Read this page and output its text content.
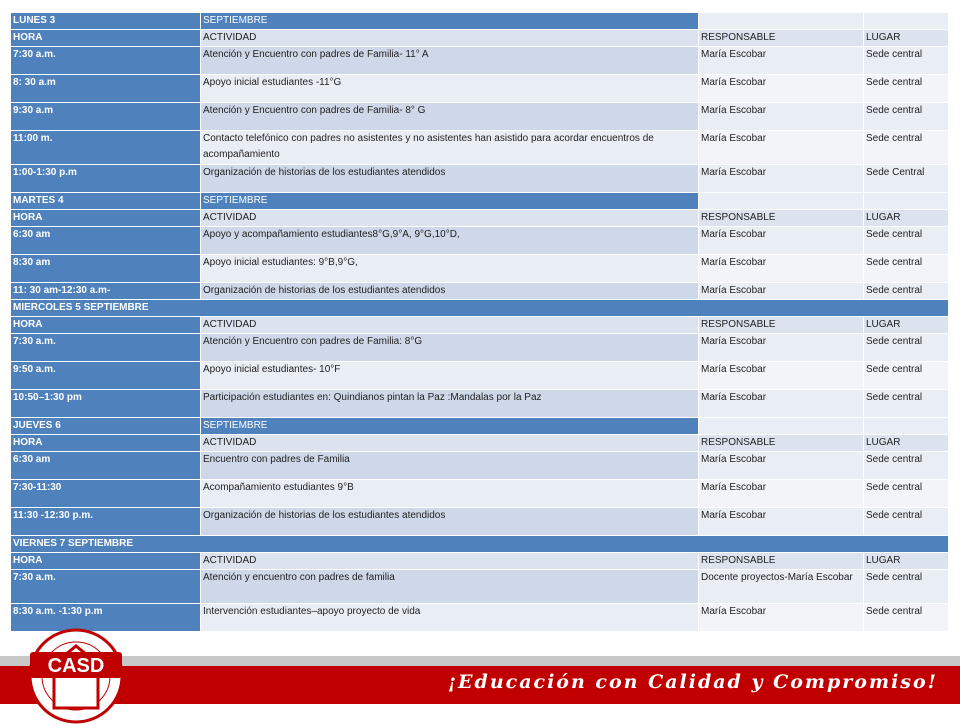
LUNES 3	SEPTIEMBRE		
HORA	ACTIVIDAD	RESPONSABLE	LUGAR
7:30 a.m.	Atención y Encuentro con padres de Familia- 11° A	María Escobar	Sede central
8: 30 a.m	Apoyo inicial estudiantes -11°G	María Escobar	Sede central
9:30 a.m	Atención y Encuentro con padres de Familia- 8° G	María Escobar	Sede central
11:00 m.	Contacto telefónico con padres no asistentes y no asistentes han asistido para acordar encuentros de acompañamiento	María Escobar	Sede central
1:00-1:30 p.m	Organización de historias de los estudiantes atendidos	María Escobar	Sede Central
MARTES 4	SEPTIEMBRE		
HORA	ACTIVIDAD	RESPONSABLE	LUGAR
6:30 am	Apoyo y acompañamiento estudiantes8°G,9°A, 9°G,10°D,	María Escobar	Sede central
8:30 am	Apoyo inicial estudiantes: 9°B,9°G,	María Escobar	Sede central
11: 30 am-12:30 a.m-	Organización de historias de los estudiantes atendidos	María Escobar	Sede central
MIERCOLES 5 SEPTIEMBRE			
HORA	ACTIVIDAD	RESPONSABLE	LUGAR
7:30 a.m.	Atención y Encuentro con padres de Familia: 8°G	María Escobar	Sede central
9:50 a.m.	Apoyo inicial estudiantes- 10°F	María Escobar	Sede central
10:50–1:30 pm	Participación estudiantes en: Quindianos pintan la Paz :Mandalas por la Paz	María Escobar	Sede central
JUEVES 6	SEPTIEMBRE		
HORA	ACTIVIDAD	RESPONSABLE	LUGAR
6:30 am	Encuentro con padres de Familia	María Escobar	Sede central
7:30-11:30	Acompañamiento estudiantes 9°B	María Escobar	Sede central
11:30 -12:30 p.m.	Organización de historias de los estudiantes atendidos	María Escobar	Sede central
VIERNES 7 SEPTIEMBRE			
HORA	ACTIVIDAD	RESPONSABLE	LUGAR
7:30 a.m.	Atención y encuentro con padres de familia	Docente proyectos-María Escobar	Sede central
8:30 a.m. -1:30 p.m	Intervención estudiantes–apoyo proyecto de vida	María Escobar	Sede central
¡Educación con Calidad y Compromiso!
CASD
